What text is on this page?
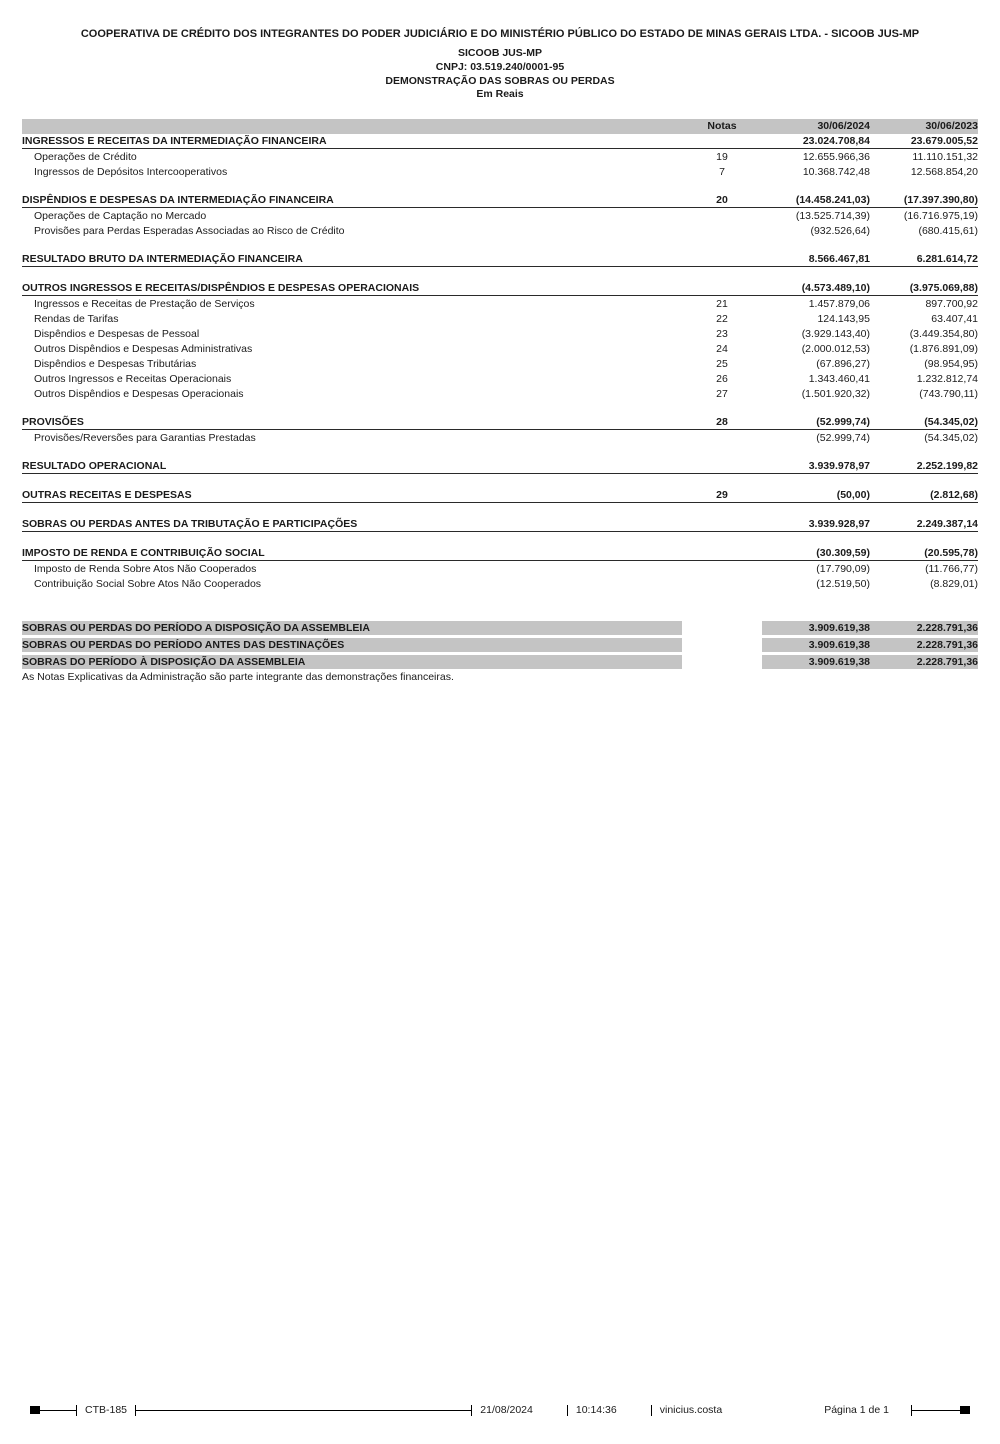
COOPERATIVA DE CRÉDITO DOS INTEGRANTES DO PODER JUDICIÁRIO E DO MINISTÉRIO PÚBLICO DO ESTADO DE MINAS GERAIS LTDA. - SICOOB JUS-MP
SICOOB JUS-MP
CNPJ: 03.519.240/0001-95
DEMONSTRAÇÃO DAS SOBRAS OU PERDAS
Em Reais
Notas	30/06/2024	30/06/2023
INGRESSOS E RECEITAS DA INTERMEDIAÇÃO FINANCEIRA	23.024.708,84	23.679.005,52
Operações de Crédito	19	12.655.966,36	11.110.151,32
Ingressos de Depósitos Intercooperativos	7	10.368.742,48	12.568.854,20
DISPÊNDIOS E DESPESAS DA INTERMEDIAÇÃO FINANCEIRA	20	(14.458.241,03)	(17.397.390,80)
Operações de Captação no Mercado	(13.525.714,39)	(16.716.975,19)
Provisões para Perdas Esperadas Associadas ao Risco de Crédito	(932.526,64)	(680.415,61)
RESULTADO BRUTO DA INTERMEDIAÇÃO FINANCEIRA	8.566.467,81	6.281.614,72
OUTROS INGRESSOS E RECEITAS/DISPÊNDIOS E DESPESAS OPERACIONAIS	(4.573.489,10)	(3.975.069,88)
Ingressos e Receitas de Prestação de Serviços	21	1.457.879,06	897.700,92
Rendas de Tarifas	22	124.143,95	63.407,41
Dispêndios e Despesas de Pessoal	23	(3.929.143,40)	(3.449.354,80)
Outros Dispêndios e Despesas Administrativas	24	(2.000.012,53)	(1.876.891,09)
Dispêndios e Despesas Tributárias	25	(67.896,27)	(98.954,95)
Outros Ingressos e Receitas Operacionais	26	1.343.460,41	1.232.812,74
Outros Dispêndios e Despesas Operacionais	27	(1.501.920,32)	(743.790,11)
PROVISÕES	28	(52.999,74)	(54.345,02)
Provisões/Reversões para Garantias Prestadas	(52.999,74)	(54.345,02)
RESULTADO OPERACIONAL	3.939.978,97	2.252.199,82
OUTRAS RECEITAS E DESPESAS	29	(50,00)	(2.812,68)
SOBRAS OU PERDAS ANTES DA TRIBUTAÇÃO E PARTICIPAÇÕES	3.939.928,97	2.249.387,14
IMPOSTO DE RENDA E CONTRIBUIÇÃO SOCIAL	(30.309,59)	(20.595,78)
Imposto de Renda Sobre Atos Não Cooperados	(17.790,09)	(11.766,77)
Contribuição Social Sobre Atos Não Cooperados	(12.519,50)	(8.829,01)
SOBRAS OU PERDAS DO PERÍODO A DISPOSIÇÃO DA ASSEMBLEIA	3.909.619,38	2.228.791,36
SOBRAS OU PERDAS DO PERÍODO ANTES DAS DESTINAÇÕES	3.909.619,38	2.228.791,36
SOBRAS DO PERÍODO À DISPOSIÇÃO DA ASSEMBLEIA	3.909.619,38	2.228.791,36
As Notas Explicativas da Administração são parte integrante das demonstrações financeiras.
CTB-185	21/08/2024	10:14:36	vinicius.costa	Página 1 de 1
